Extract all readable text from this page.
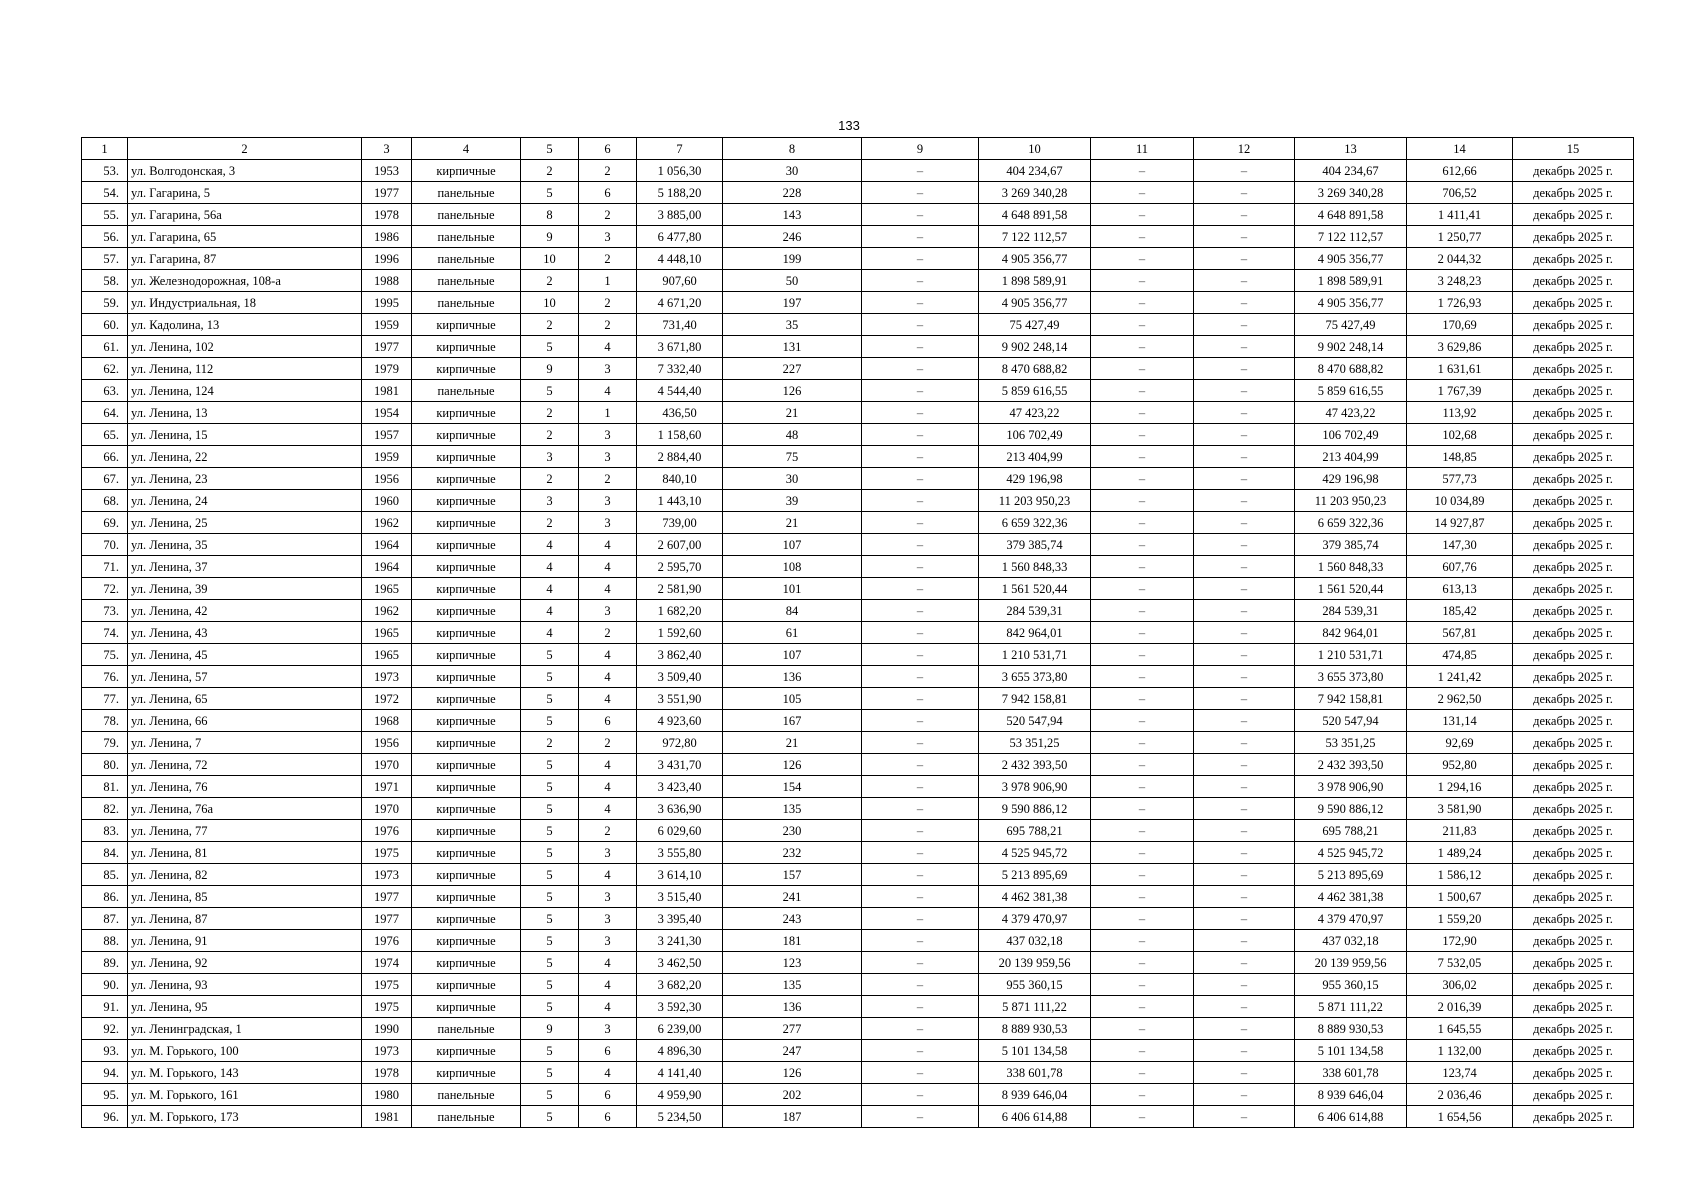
133
1	2	3	4	5	6	7	8	9	10	11	12	13	14	15
53.	ул. Волгодонская, 3	1953	кирпичные	2	2	1 056,30	30	–	404 234,67	–	–	404 234,67	612,66	декабрь 2025 г.
54.	ул. Гагарина, 5	1977	панельные	5	6	5 188,20	228	–	3 269 340,28	–	–	3 269 340,28	706,52	декабрь 2025 г.
55.	ул. Гагарина, 56а	1978	панельные	8	2	3 885,00	143	–	4 648 891,58	–	–	4 648 891,58	1 411,41	декабрь 2025 г.
56.	ул. Гагарина, 65	1986	панельные	9	3	6 477,80	246	–	7 122 112,57	–	–	7 122 112,57	1 250,77	декабрь 2025 г.
57.	ул. Гагарина, 87	1996	панельные	10	2	4 448,10	199	–	4 905 356,77	–	–	4 905 356,77	2 044,32	декабрь 2025 г.
58.	ул. Железнодорожная, 108-а	1988	панельные	2	1	907,60	50	–	1 898 589,91	–	–	1 898 589,91	3 248,23	декабрь 2025 г.
59.	ул. Индустриальная, 18	1995	панельные	10	2	4 671,20	197	–	4 905 356,77	–	–	4 905 356,77	1 726,93	декабрь 2025 г.
60.	ул. Кадолина, 13	1959	кирпичные	2	2	731,40	35	–	75 427,49	–	–	75 427,49	170,69	декабрь 2025 г.
61.	ул. Ленина, 102	1977	кирпичные	5	4	3 671,80	131	–	9 902 248,14	–	–	9 902 248,14	3 629,86	декабрь 2025 г.
62.	ул. Ленина, 112	1979	кирпичные	9	3	7 332,40	227	–	8 470 688,82	–	–	8 470 688,82	1 631,61	декабрь 2025 г.
63.	ул. Ленина, 124	1981	панельные	5	4	4 544,40	126	–	5 859 616,55	–	–	5 859 616,55	1 767,39	декабрь 2025 г.
64.	ул. Ленина, 13	1954	кирпичные	2	1	436,50	21	–	47 423,22	–	–	47 423,22	113,92	декабрь 2025 г.
65.	ул. Ленина, 15	1957	кирпичные	2	3	1 158,60	48	–	106 702,49	–	–	106 702,49	102,68	декабрь 2025 г.
66.	ул. Ленина, 22	1959	кирпичные	3	3	2 884,40	75	–	213 404,99	–	–	213 404,99	148,85	декабрь 2025 г.
67.	ул. Ленина, 23	1956	кирпичные	2	2	840,10	30	–	429 196,98	–	–	429 196,98	577,73	декабрь 2025 г.
68.	ул. Ленина, 24	1960	кирпичные	3	3	1 443,10	39	–	11 203 950,23	–	–	11 203 950,23	10 034,89	декабрь 2025 г.
69.	ул. Ленина, 25	1962	кирпичные	2	3	739,00	21	–	6 659 322,36	–	–	6 659 322,36	14 927,87	декабрь 2025 г.
70.	ул. Ленина, 35	1964	кирпичные	4	4	2 607,00	107	–	379 385,74	–	–	379 385,74	147,30	декабрь 2025 г.
71.	ул. Ленина, 37	1964	кирпичные	4	4	2 595,70	108	–	1 560 848,33	–	–	1 560 848,33	607,76	декабрь 2025 г.
72.	ул. Ленина, 39	1965	кирпичные	4	4	2 581,90	101	–	1 561 520,44	–	–	1 561 520,44	613,13	декабрь 2025 г.
73.	ул. Ленина, 42	1962	кирпичные	4	3	1 682,20	84	–	284 539,31	–	–	284 539,31	185,42	декабрь 2025 г.
74.	ул. Ленина, 43	1965	кирпичные	4	2	1 592,60	61	–	842 964,01	–	–	842 964,01	567,81	декабрь 2025 г.
75.	ул. Ленина, 45	1965	кирпичные	5	4	3 862,40	107	–	1 210 531,71	–	–	1 210 531,71	474,85	декабрь 2025 г.
76.	ул. Ленина, 57	1973	кирпичные	5	4	3 509,40	136	–	3 655 373,80	–	–	3 655 373,80	1 241,42	декабрь 2025 г.
77.	ул. Ленина, 65	1972	кирпичные	5	4	3 551,90	105	–	7 942 158,81	–	–	7 942 158,81	2 962,50	декабрь 2025 г.
78.	ул. Ленина, 66	1968	кирпичные	5	6	4 923,60	167	–	520 547,94	–	–	520 547,94	131,14	декабрь 2025 г.
79.	ул. Ленина, 7	1956	кирпичные	2	2	972,80	21	–	53 351,25	–	–	53 351,25	92,69	декабрь 2025 г.
80.	ул. Ленина, 72	1970	кирпичные	5	4	3 431,70	126	–	2 432 393,50	–	–	2 432 393,50	952,80	декабрь 2025 г.
81.	ул. Ленина, 76	1971	кирпичные	5	4	3 423,40	154	–	3 978 906,90	–	–	3 978 906,90	1 294,16	декабрь 2025 г.
82.	ул. Ленина, 76а	1970	кирпичные	5	4	3 636,90	135	–	9 590 886,12	–	–	9 590 886,12	3 581,90	декабрь 2025 г.
83.	ул. Ленина, 77	1976	кирпичные	5	2	6 029,60	230	–	695 788,21	–	–	695 788,21	211,83	декабрь 2025 г.
84.	ул. Ленина, 81	1975	кирпичные	5	3	3 555,80	232	–	4 525 945,72	–	–	4 525 945,72	1 489,24	декабрь 2025 г.
85.	ул. Ленина, 82	1973	кирпичные	5	4	3 614,10	157	–	5 213 895,69	–	–	5 213 895,69	1 586,12	декабрь 2025 г.
86.	ул. Ленина, 85	1977	кирпичные	5	3	3 515,40	241	–	4 462 381,38	–	–	4 462 381,38	1 500,67	декабрь 2025 г.
87.	ул. Ленина, 87	1977	кирпичные	5	3	3 395,40	243	–	4 379 470,97	–	–	4 379 470,97	1 559,20	декабрь 2025 г.
88.	ул. Ленина, 91	1976	кирпичные	5	3	3 241,30	181	–	437 032,18	–	–	437 032,18	172,90	декабрь 2025 г.
89.	ул. Ленина, 92	1974	кирпичные	5	4	3 462,50	123	–	20 139 959,56	–	–	20 139 959,56	7 532,05	декабрь 2025 г.
90.	ул. Ленина, 93	1975	кирпичные	5	4	3 682,20	135	–	955 360,15	–	–	955 360,15	306,02	декабрь 2025 г.
91.	ул. Ленина, 95	1975	кирпичные	5	4	3 592,30	136	–	5 871 111,22	–	–	5 871 111,22	2 016,39	декабрь 2025 г.
92.	ул. Ленинградская, 1	1990	панельные	9	3	6 239,00	277	–	8 889 930,53	–	–	8 889 930,53	1 645,55	декабрь 2025 г.
93.	ул. М. Горького, 100	1973	кирпичные	5	6	4 896,30	247	–	5 101 134,58	–	–	5 101 134,58	1 132,00	декабрь 2025 г.
94.	ул. М. Горького, 143	1978	кирпичные	5	4	4 141,40	126	–	338 601,78	–	–	338 601,78	123,74	декабрь 2025 г.
95.	ул. М. Горького, 161	1980	панельные	5	6	4 959,90	202	–	8 939 646,04	–	–	8 939 646,04	2 036,46	декабрь 2025 г.
96.	ул. М. Горького, 173	1981	панельные	5	6	5 234,50	187	–	6 406 614,88	–	–	6 406 614,88	1 654,56	декабрь 2025 г.
